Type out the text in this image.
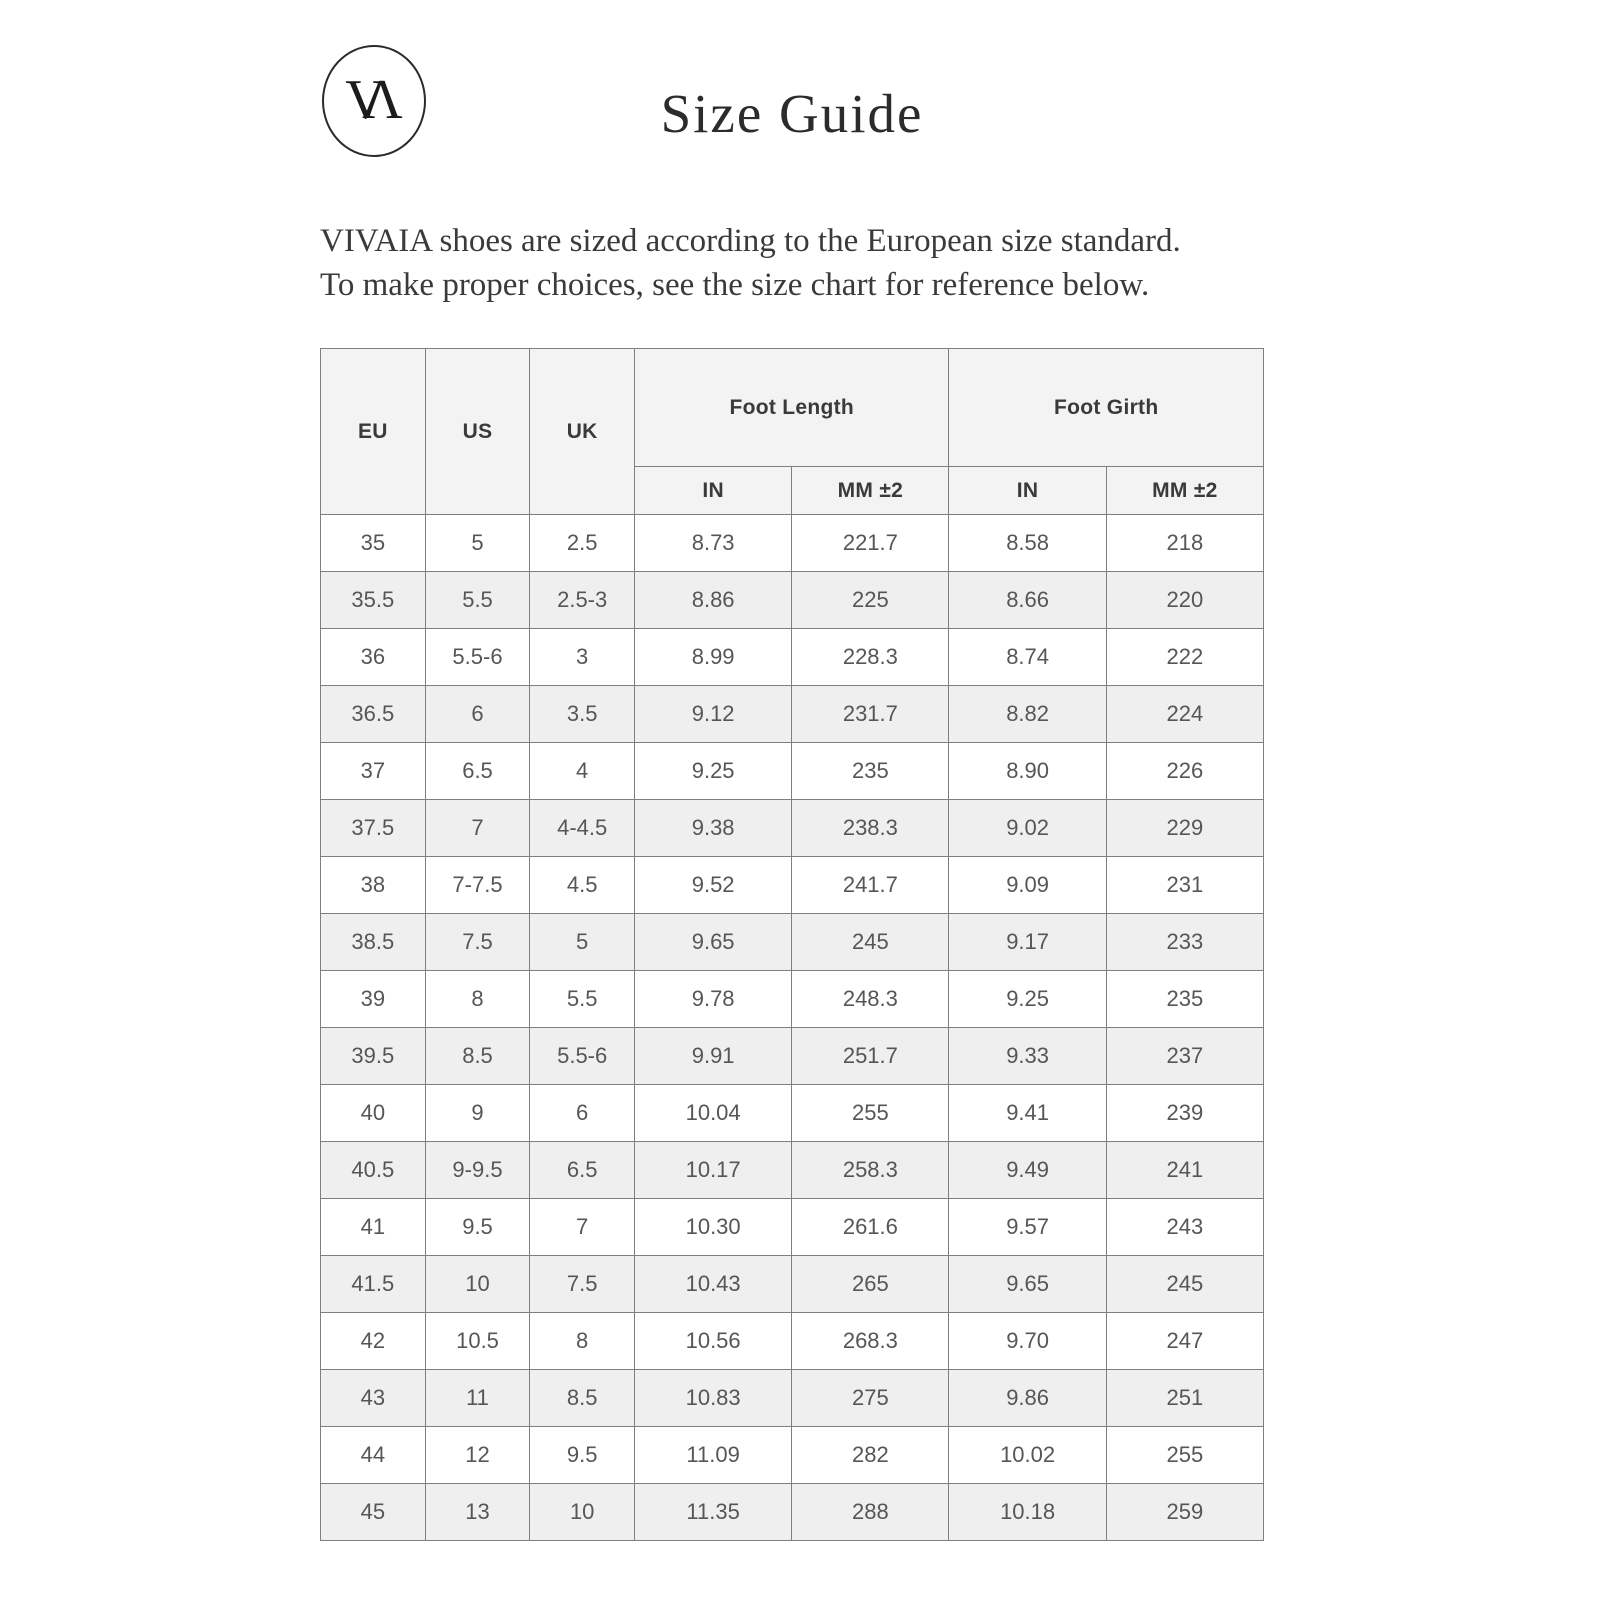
VΛ	Size Guide
VIVAIA shoes are sized according to the European size standard.
To make proper choices, see the size chart for reference below.
EU	US	UK	Foot Length		Foot Girth	
			IN	MM ±2	IN	MM ±2
35	5	2.5	8.73	221.7	8.58	218
35.5	5.5	2.5-3	8.86	225	8.66	220
36	5.5-6	3	8.99	228.3	8.74	222
36.5	6	3.5	9.12	231.7	8.82	224
37	6.5	4	9.25	235	8.90	226
37.5	7	4-4.5	9.38	238.3	9.02	229
38	7-7.5	4.5	9.52	241.7	9.09	231
38.5	7.5	5	9.65	245	9.17	233
39	8	5.5	9.78	248.3	9.25	235
39.5	8.5	5.5-6	9.91	251.7	9.33	237
40	9	6	10.04	255	9.41	239
40.5	9-9.5	6.5	10.17	258.3	9.49	241
41	9.5	7	10.30	261.6	9.57	243
41.5	10	7.5	10.43	265	9.65	245
42	10.5	8	10.56	268.3	9.70	247
43	11	8.5	10.83	275	9.86	251
44	12	9.5	11.09	282	10.02	255
45	13	10	11.35	288	10.18	259
